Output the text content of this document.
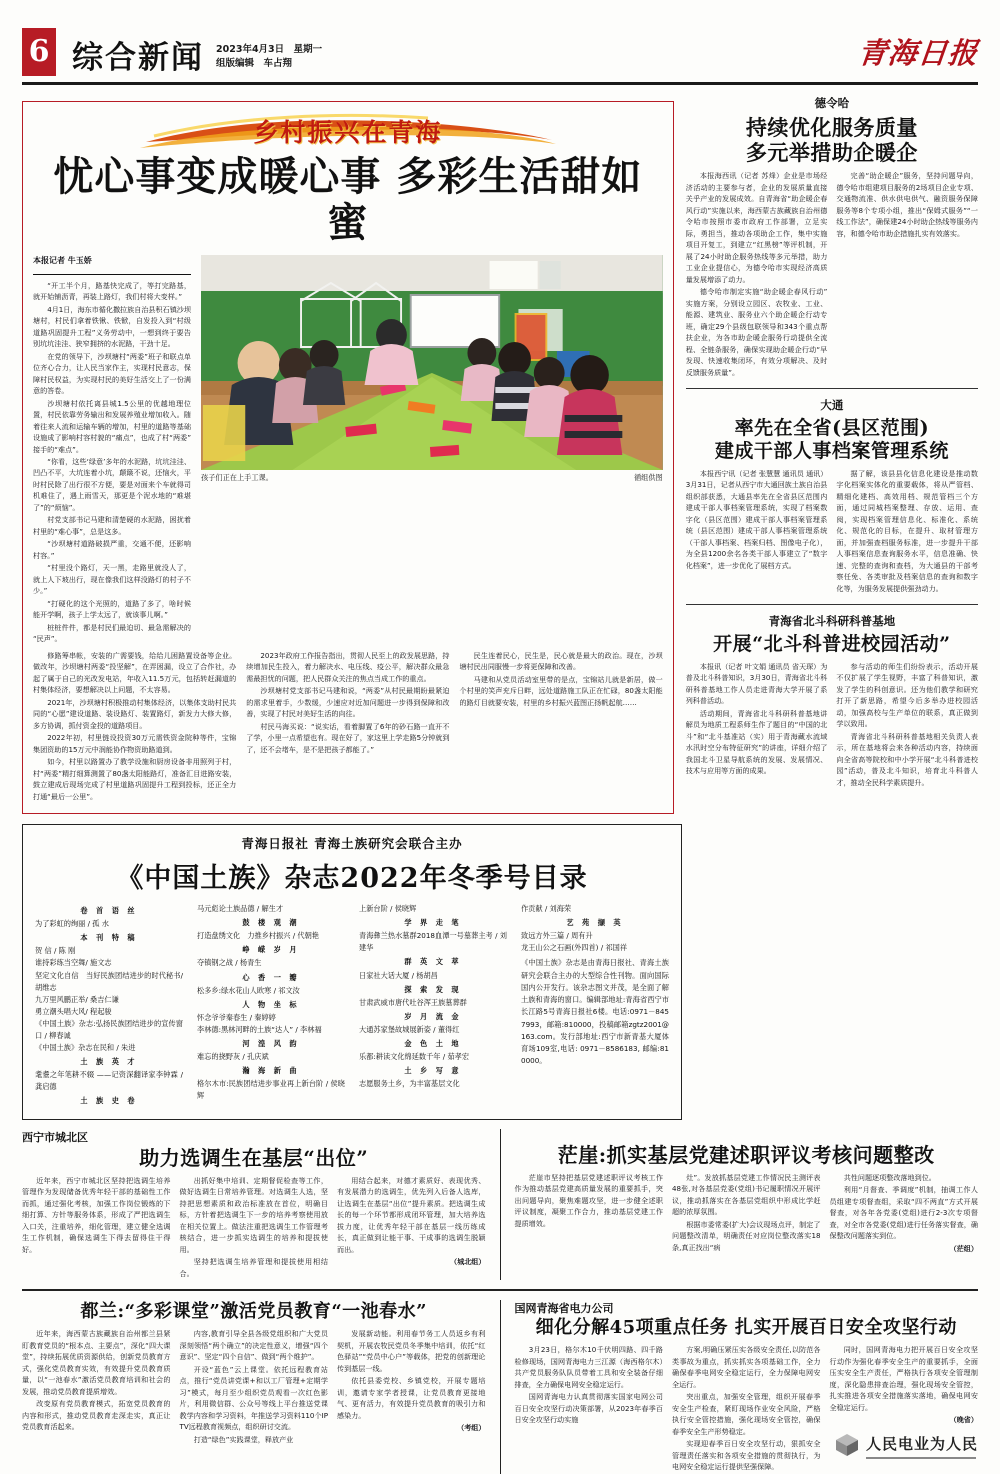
6 综合新闻 2023年4月3日　星期一
组版编辑　车占翔	青海日报
乡村振兴在青海
忧心事变成暖心事 多彩生活甜如蜜
本报记者 牛玉娇

“开工半个月，路基快完成了，等打完路基，就开始铺沥青，再装上路灯，我们村将大变样。”

4月1日，海东市循化撒拉族自治县积石镇沙坝塘村，村民们拿着铁锹、铁锨，自发投入到“村级道路巩固提升工程”义务劳动中，一想到终于要告别坑坑洼洼、狭窄拥挤的水泥路，干劲十足。

在党的领导下，沙坝塘村“两委”班子和联点单位齐心合力，让人民当家作主，实现村民意志，保障村民权益，为实现村民的美好生活交上了一份满意的答卷。

沙坝塘村依托离县城1.5公里的优越地理位置，村民依靠劳务输出和发展养殖业增加收入。随着往来人流和运输车辆的增加，村里的道路等基础设施成了影响村容村貌的“痛点”，也成了村“两委”接手的“难点”。

“你看，这些‘绿意’多年的水泥路，坑坑洼洼、凹凸不平，大坑连着小坑，颠簸不说，还恼火，平时村民除了出行很不方便，要是对面来个车就得司机难住了，遇上雨雪天，那更是个泥水地的“难堪了”的“烦恼”。

村党支部书记马建和清楚硬的水泥路，困扰着村里的“难心事”，总是这多。

“沙坝塘村道路破损严重，交通不便，还影响村容。”

“村里没个路灯，天一黑，走路里就没人了，就上人下坡出行，现在像我们这样没路灯的村子不少。”

“打硬化的这个光照的，道路了多了，啥时候能开学啊，孩子上学太远了，就该事儿啊。”

桩桩件件，都是村民们最迫切、最急需解决的“民声”。

孩子们正在上手工课。	循组供图

修路筹串帐，安装的广需要钱，给给儿困路置设备等企业。做改年，沙坝塘村两委“投坚解”，在弄困漏，设立了合作社，办起了属于自己的光改发电站，年收入11.5万元，包括转赶漏道的村集体经济，要想解决以上问题，不太容易。

2021年，沙坝塘村积极推动村集体经济，以集体支助村民共同的“心愿”建设道路、装设路灯、装置路灯，新发力大修大修，多方协调，抓付资金投的道路项目。

2022年初，村里链设投资30万元需铁资金院种等件，宝锦集团资助的15万元中润能协作物资助路道到。

如今，村里以路置办了教学设施和厨房设备非用照列于村，村“两委”精打细算测置了80盏太阳能路灯，准备汇目进路安装，鼓立建成后现场完成了村里道路巩固提升工程到投标，还正全力打通“最后一公里”。

2023年政府工作报告指出，贯彻人民至上的政发展思路，持续增加民生投入，着力解决水、电压线、疫公平，解决群众最急需最担忧的问题，把人民群众关注的焦点当成工作的重点。

沙坝塘村党支部书记马建和说，“两委”从村民最期盼最紧迫的需求里着手，少数缓，少速应对近加问题进一步得到保障和改善，实现了村民对美好生活的向往。

村民马海买说：“说实话，看着脚置了6年的砂石路一直开不了学，小里一点希望也有。现在好了，家这里上学走路5分钟就到了，还不会堵车，是不是把孩子都能了。”

民生连着民心，民生是，民心就是最大的政治。现在，沙坝塘村民出同服慢一步将更保障和改善。

马建和从党员活动室里带的是点，宝锦站儿就是新居，做一个村里的笑声充斥日畔，远处道路施工队正在忙碌，80盏太阳能的路灯目就要安装，村里的乡村振兴蓝图正扬帆起航……

德令哈
持续优化服务质量
多元举措助企暖企

本报海西讯（记者 苏烽）企业是市场经济活动的主要参与者，企业的发展质量直接关乎产业的发展成效。自青海省“助企暖企春风行动”实施以来，海西蒙古族藏族自治州德令哈市按照市委市政府工作部署，立足实际，勇担当，推动各项助企工作，集中实施项目开复工，到建立“红黑榜”等评机制，开展了24小时助企服务热线等多元举措，助力工业企业提信心，为德令哈市实现经济高质量发展增添了动力。

德令哈市制定实施“助企暖企春风行动”实施方案，分别设立园区、农牧业、工业、能源、建筑业、服务业六个助企暖企行动专班，确定29个县级包联领导和343个重点帮扶企业，为各市助企暖企服务行动提供全流程、全链条服务，确保实现助企暖企行动“早发现、快速收集闭环，有效分项解决、及时反馈服务质量”。

完善“助企暖企”服务，坚持问题导向，德令哈市组建项目服务的2场项目企业专项、交通物流准、供水供电供气、融资服务保障服务等8个专项小组，推出“保姆式服务”“一线工作法”，确保建24小时助企热线等服务内容，和德令哈市助企措施扎实有效落实。

大通
率先在全省(县区范围)
建成干部人事档案管理系统

本报西宁讯（记者 张慧慧 通讯员 通讯）3月31日，记者从西宁市大通回族土族自治县组织部获悉，大通县率先在全省县区范围内建成干部人事档案管理系统，实现了档案数字化（县区范围）建成干部人事档案管理系统（县区范围）建成干部人事档案管理系统（干部人事档案、档案归档、图像电子化），为全县1200余名各类干部人事建立了“数字化档案”，进一步优化了展档方式。

据了解，该县县化信息化建设是推动数字化档案实体化的重要载体，将从严管档、精细化建档、高效用档、规范管档三个方面，通过同城档案整理、存放、运用、查阅，实现档案管理信息化、标准化、系统化、规范化的目标，在提升、取材管理方面，并加强查档服务标准，进一步提升干部人事档案信息查询服务水平，信息准确、快速、完整的查询和查档，为大通县的干部考察任免、各类审批及档案信息的查询和数字化等，为服务发展提供强劲动力。

青海省北斗科研科普基地
开展“北斗科普进校园活动”

本报讯（记者 叶文娟 通讯员 省天琛）为普及北斗科普知识，3月30日，青海省北斗科研科普基地工作人员走进青海大学开展了系列科普活动。

活动期间，青海省北斗科研科普基地讲解员为地质工程系师生作了题目的“中国的北斗”和“北斗基准站（实）用于青海藏水流域水汛时空分布特征研究”的讲座，详细介绍了我国北斗卫星导航系统的发展、发展情况、技术与应用等方面的成果。

参与活动的师生们纷纷表示，活动开展不仅扩展了学生视野，丰富了科普知识，激发了学生的科创意识。还为他们教学和研究打开了新思路，希望今后多举办进校园活动，加强高校与生产单位的联系，真正做到学以致用。

青海省北斗科研科普基地相关负责人表示，所在基地将会来各种活动内容，持续面向全省高等院校和中小学开展“北斗科普进校园”活动，普及北斗知识，培育北斗科普人才，推动全民科学素质提升。

青海日报社 青海土族研究会联合主办
《中国土族》杂志2022年冬季号目录
卷 首 语 丝
为了彩虹的绚丽 / 孤 水
本 刊 特 稿
贺 信 / 陈 刚
谁持彩练当空舞/ 施文志
坚定文化自信　当好民族团结进步的时代秘书/ 胡维志
九万里风鹏正举/ 桑吉仁谦
勇立潮头唱大风/ 程起骏
《中国土族》杂志:弘扬民族团结进步的宣传窗口 / 柳春诚
《中国土族》杂志在民和 / 朱进
土 族 英 才
耄耋之年笔耕不辍 ——记资深翻译家李钟霖 / 龚启德
土 族 史 卷
马元彪论土族品德 / 解生才
鼓 楼 观 潮
打造盘绣文化　力推乡村振兴 / 代朝艳
峥 嵘 岁 月
夺镇钢之战 / 杨青生
心 香 一 瓣
松多乡:绿水花山人欧寒 / 祁文汝
人 物 坐 标
怀念爷爷秦春生 / 秦婷婷
李林德:黑林河畔的土族“达人” / 李林福
河 湟 风 韵
难忘的挠野灰 / 孔庆斌
瀚 海 新 曲
格尔木市:民族团结进步事业再上新台阶 / 侯晓辉
上新台阶 / 侯晓辉
学 界 走 笔
青海彝兰热水墓群2018血潭一号墓葬主考 / 刘建华
群 英 文 萃
日家社大话大厦 / 杨胡昌
探 索 发 现
甘肃武威市唐代吐谷浑王族墓葬群
岁 月 流 金
大通苏家堡故城展新姿 / 董得红
金 色 土 地
乐都:耕读文化绵延数千年 / 茹孝宏
土 乡 写 意
志愿服务土乡，为丰富基层文化
作贡献 / 刘海荣
艺 苑 撷 英
致远方外三篇 / 周有升
龙王山公之石画(外四首) / 祁国祥
《中国土族》杂志是由青海日报社、青海土族研究会联合主办的大型综合性刊物。面向国际国内公开发行。该杂志图文并茂，是全面了解土族和青海的窗口。编辑部地址:青海省西宁市长江路5号青海日报社6楼。电话:0971－8457993，邮箱:810000，投稿邮箱zgtz2001@163.com。发行部地址:西宁市新青基大厦体育场109室,电话: 0971－8586183, 邮编:810000。
西宁市城北区
助力选调生在基层“出位”

近年来，西宁市城北区坚持把选调生培养管理作为发现储备优秀年轻干部的基础性工作而抓，通过强化考核，加强工作岗位锻炼的下细打算、方针等服务体系，形成了严把选调生入口关，注重培养，细化管理，建立健全选调生工作机制，确保选调生下得去留得住干得好。

出抓好集中培训、定期督促检查等工作，做好选调生日常培养管理。对选调生人选，坚持把思想素质和政治标准放在首位，明确目标，方针着把选调生下一步的培养考察使用放在相关位置上。做法注重把选调生工作管理考核结合，进一步抓实选调生的培养和提拔使用。

坚持把选调生培养管理和提拔使用相结合。

用结合起来，对德才素质好、表现优秀、有发展潜力的选调生，优先列入后备人选库，让选调生在基层“出位”提升素质。把选调生成长的每一个环节都形成闭环管理，加大培养选拔力度，让优秀年轻干部在基层一线历练成长，真正做到让能干事、干成事的选调生脱颖而出。

（城北组）

茫崖:抓实基层党建述职评议考核问题整改

茫崖市坚持把基层党建述职评议考核工作作为推动基层党建高质量发展的重要抓手，突出问题导向，聚焦难题攻坚，进一步健全述职评议制度，凝聚工作合力，推动基层党建工作提质增效。

灶”。发放抓基层党建工作情况民主测评表48张,对各基层党委(党组)书记履职情况开展评议，推动抓落实在各基层党组织中形成比学赶超的浓厚氛围。

根据市委常委(扩大)会议现场点评，制定了问题整改清单，明确责任对应岗位整改落实18条,真正找出“病

共性问题逐项整改落地到位。

利用“月督查、季调度”机制，抽调工作人员组建专项督查组，采取“四不两直”方式开展督查，对各年各党委(党组)进行2-3次专项督查，对全市各党委(党组)进行任务落实督查，确保整改问题落实到位。

（茫组）

都兰:“多彩课堂”激活党员教育“一池春水”

近年来，海西蒙古族藏族自治州都兰县紧盯教育党员的“根本点、主要点”，深化“四大课堂”，持续拓展优质资源供给，创新党员教育方式，强化党员教育实效，有效提升党员教育质量，以“一池春水”激活党员教育培训和社会的发展，推动党员教育提质增效。

改变原有党员教育模式，拓宽党员教育的内容和形式，推动党员教育走深走实，真正让党员教育活起来。

内容,教育引导全县各级党组织和广大党员深刻领悟“两个确立”的决定性意义，增强“四个意识”、坚定“四个自信”、做到“两个维护”。

开设“蓝色”云上课堂。依托远程教育站点，推行“党员讲党课+和以工厂管理+定期学习”模式，每月至少组织党员观看一次红色影片，利用微信群、公众号等线上平台推送党课教学内容和学习资料，年推送学习资料110个IPTV远程教育视频点，组织研讨交流。

打造“绿色”实践课堂，释放产业

发展新动能。利用春节务工人员返乡有利契机，开展农牧民党员冬季集中培训，依托“红色驿站”“党员中心户”等载体，把党的创新理论传到基层一线。

依托县委党校、乡镇党校，开展专题培训，邀请专家学者授课，让党员教育更接地气、更有活力，有效提升党员教育的吸引力和感染力。

（考组）

国网青海省电力公司
细化分解45项重点任务 扎实开展百日安全攻坚行动

3月23日，格尔木10千伏明四路、四千路检修现场，国网青海电力三江源（海西格尔木）共产党员服务队队员带着工具和安全装备仔细排查，全力确保电网安全稳定运行。

国网青海电力认真贯彻落实国家电网公司百日安全攻坚行动决策部署，从2023年春季百日安全攻坚行动实施

方案,明确压紧压实各级安全责任,以防范各类事故为重点，抓实抓实各项基础工作，全力确保春季电网安全稳定运行，全力保障电网安全运行。

突出重点，加强安全管理，组织开展春季安全生产检查，紧盯现场作业安全风险，严格执行安全管控措施，强化现场安全管控，确保春季安全生产形势稳定。

实现迎春季百日安全攻坚行动，狠抓安全管理责任落实和各项安全措施的贯彻执行，为电网安全稳定运行提供坚强保障。

同时，国网青海电力把开展百日安全攻坚行动作为强化春季安全生产的重要抓手，全面压实安全生产责任，严格执行各项安全管理制度，深化隐患排查治理，强化现场安全管控，扎实推进各项安全措施落实落地，确保电网安全稳定运行。

（晚省）

人民电业为人民
